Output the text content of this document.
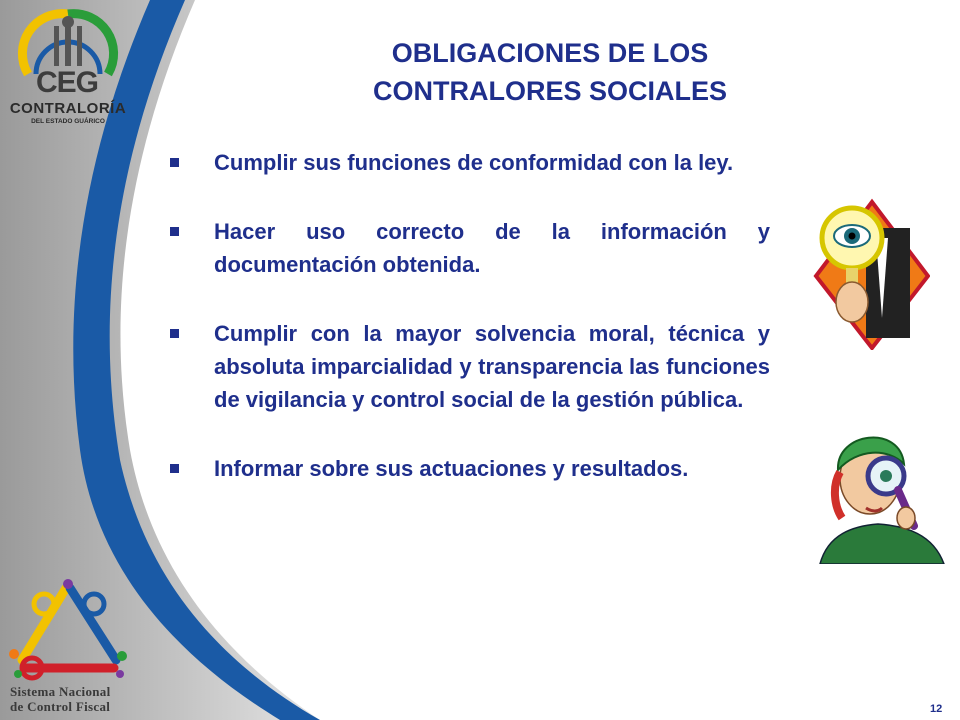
CEG
CONTRALORÍA
DEL ESTADO GUÁRICO
OBLIGACIONES DE LOS
CONTRALORES SOCIALES
Cumplir sus funciones de conformidad con la ley.
Hacer uso correcto de la información y documentación obtenida.
Cumplir con la mayor solvencia moral, técnica y absoluta imparcialidad y transparencia las funciones de vigilancia y control social de la gestión pública.
Informar sobre sus actuaciones y resultados.
Sistema Nacional
de Control Fiscal	12
